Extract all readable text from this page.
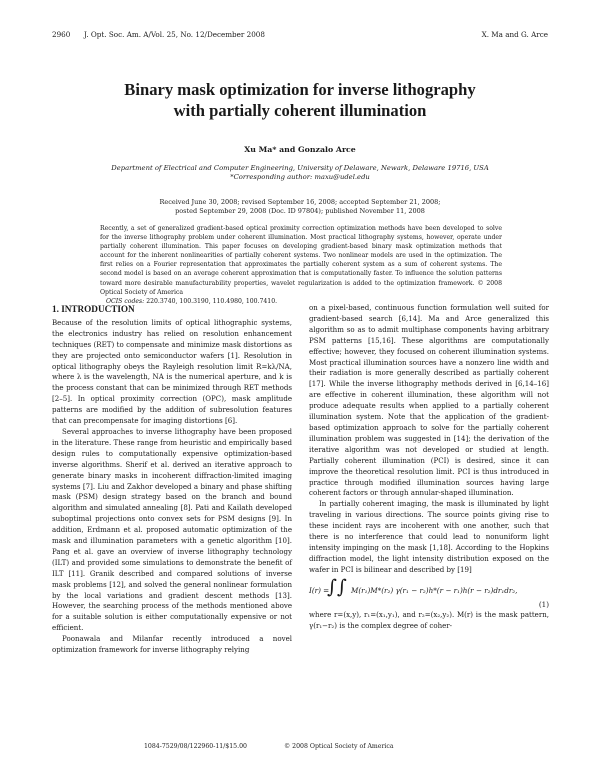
2960 J. Opt. Soc. Am. A/Vol. 25, No. 12/December 2008	X. Ma and G. Arce
Binary mask optimization for inverse lithography
with partially coherent illumination
Xu Ma* and Gonzalo Arce
Department of Electrical and Computer Engineering, University of Delaware, Newark, Delaware 19716, USA
*Corresponding author: maxu@udel.edu
Received June 30, 2008; revised September 16, 2008; accepted September 21, 2008;
posted September 29, 2008 (Doc. ID 97804); published November 11, 2008

Recently, a set of generalized gradient-based optical proximity correction optimization methods have been developed to solve for the inverse lithography problem under coherent illumination. Most practical lithography systems, however, operate under partially coherent illumination. This paper focuses on developing gradient-based binary mask optimization methods that account for the inherent nonlinearities of partially coherent systems. Two nonlinear models are used in the optimization. The first relies on a Fourier representation that approximates the partially coherent system as a sum of coherent systems. The second model is based on an average coherent approximation that is computationally faster. To influence the solution patterns toward more desirable manufacturability properties, wavelet regularization is added to the optimization framework. © 2008 Optical Society of America

OCIS codes: 220.3740, 100.3190, 110.4980, 100.7410.

1. INTRODUCTION

Because of the resolution limits of optical lithographic systems, the electronics industry has relied on resolution enhancement techniques (RET) to compensate and minimize mask distortions as they are projected onto semiconductor wafers [1]. Resolution in optical lithography obeys the Rayleigh resolution limit R=kλ/NA, where λ is the wavelength, NA is the numerical aperture, and k is the process constant that can be minimized through RET methods [2–5]. In optical proximity correction (OPC), mask amplitude patterns are modified by the addition of subresolution features that can precompensate for imaging distortions [6].

Several approaches to inverse lithography have been proposed in the literature. These range from heuristic and empirically based design rules to computationally expensive optimization-based inverse algorithms. Sherif et al. derived an iterative approach to generate binary masks in incoherent diffraction-limited imaging systems [7]. Liu and Zakhor developed a binary and phase shifting mask (PSM) design strategy based on the branch and bound algorithm and simulated annealing [8]. Pati and Kailath developed suboptimal projections onto convex sets for PSM designs [9]. In addition, Erdmann et al. proposed automatic optimization of the mask and illumination parameters with a genetic algorithm [10]. Pang et al. gave an overview of inverse lithography technology (ILT) and provided some simulations to demonstrate the benefit of ILT [11]. Granik described and compared solutions of inverse mask problems [12], and solved the general nonlinear formulation by the local variations and gradient descent methods [13]. However, the searching process of the methods mentioned above for a suitable solution is either computationally expensive or not efficient.

Poonawala and Milanfar recently introduced a novel optimization framework for inverse lithography relying

on a pixel-based, continuous function formulation well suited for gradient-based search [6,14]. Ma and Arce generalized this algorithm so as to admit multiphase components having arbitrary PSM patterns [15,16]. These algorithms are computationally effective; however, they focused on coherent illumination systems. Most practical illumination sources have a nonzero line width and their radiation is more generally described as partially coherent [17]. While the inverse lithography methods derived in [6,14–16] are effective in coherent illumination, these algorithm will not produce adequate results when applied to a partially coherent illumination system. Note that the application of the gradient-based optimization approach to solve for the partially coherent illumination problem was suggested in [14]; the derivation of the iterative algorithm was not developed or studied at length. Partially coherent illumination (PCI) is desired, since it can improve the theoretical resolution limit. PCI is thus introduced in practice through modified illumination sources having large coherent factors or through annular-shaped illumination.

In partially coherent imaging, the mask is illuminated by light traveling in various directions. The source points giving rise to these incident rays are incoherent with one another, such that there is no interference that could lead to nonuniform light intensity impinging on the mask [1,18]. According to the Hopkins diffraction model, the light intensity distribution exposed on the wafer in PCI is bilinear and described by [19]

I(r) =
∫∫ M(r₁)M*(r₂) γ(r₁ − r₂)h*(r − r₁)h(r − r₂)dr₁dr₂,
(1)

where r=(x,y), r₁=(x₁,y₁), and r₂=(x₂,y₂). M(r) is the mask pattern, γ(r₁−r₂) is the complex degree of coher-

1084-7529/08/122960-11/$15.00	© 2008 Optical Society of America
